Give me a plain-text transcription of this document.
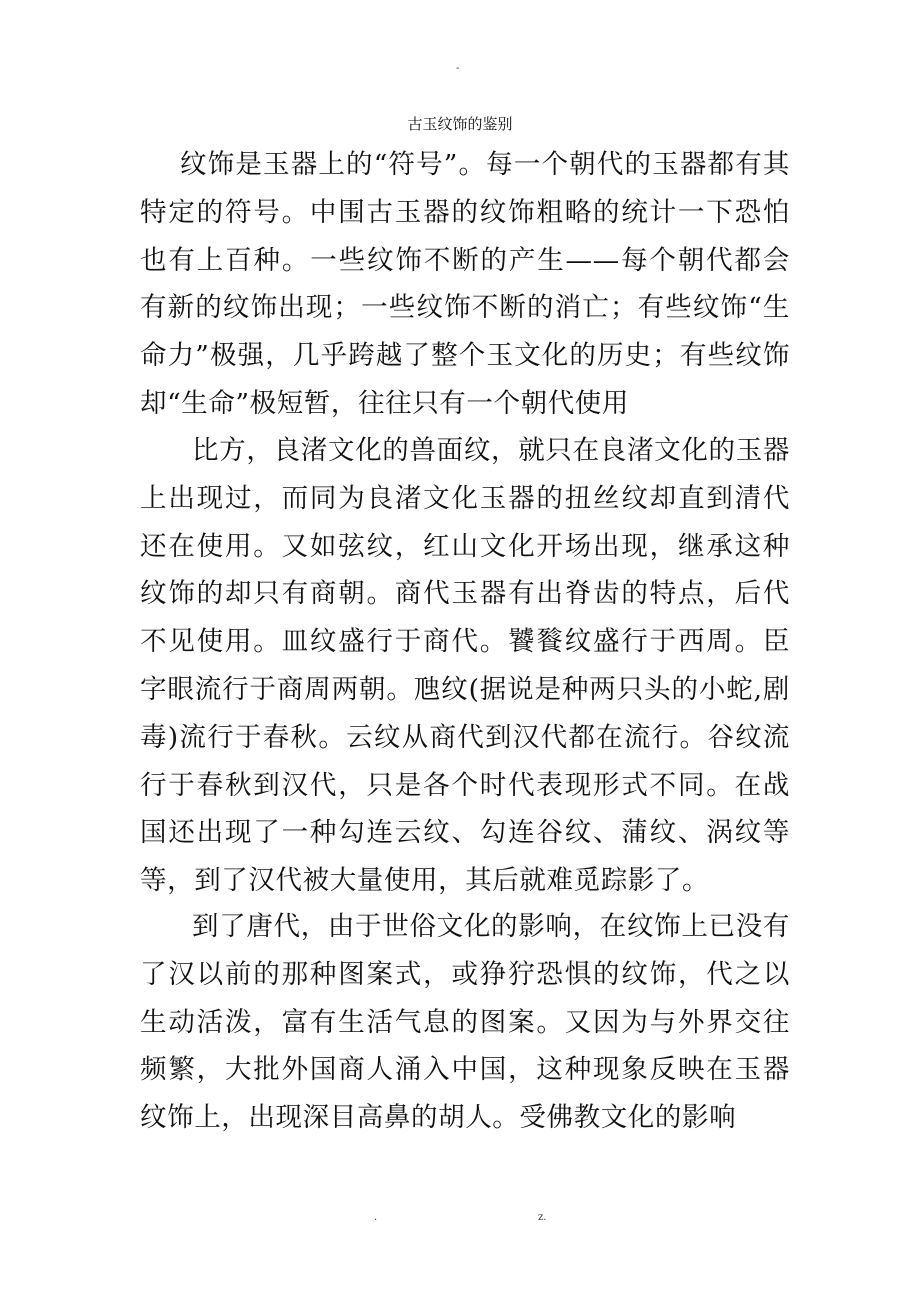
-
古玉纹饰的鉴别

纹饰是玉器上的“符号”。每一个朝代的玉器都有其特定的符号。中围古玉器的纹饰粗略的统计一下恐怕也有上百种。一些纹饰不断的产生——每个朝代都会有新的纹饰出现；一些纹饰不断的消亡；有些纹饰“生命力”极强，几乎跨越了整个玉文化的历史；有些纹饰却“生命”极短暂，往往只有一个朝代使用

比方，良渚文化的兽面纹，就只在良渚文化的玉器上出现过，而同为良渚文化玉器的扭丝纹却直到清代还在使用。又如弦纹，红山文化开场出现，继承这种纹饰的却只有商朝。商代玉器有出脊齿的特点，后代不见使用。皿纹盛行于商代。饕餮纹盛行于西周。臣字眼流行于商周两朝。虺纹(据说是种两只头的小蛇,剧毒)流行于春秋。云纹从商代到汉代都在流行。谷纹流行于春秋到汉代，只是各个时代表现形式不同。在战国还出现了一种勾连云纹、勾连谷纹、蒲纹、涡纹等等，到了汉代被大量使用，其后就难觅踪影了。

到了唐代，由于世俗文化的影响，在纹饰上已没有了汉以前的那种图案式，或狰狞恐惧的纹饰，代之以生动活泼，富有生活气息的图案。又因为与外界交往频繁，大批外国商人涌入中国，这种现象反映在玉器纹饰上，出现深目高鼻的胡人。受佛教文化的影响

.	z.
